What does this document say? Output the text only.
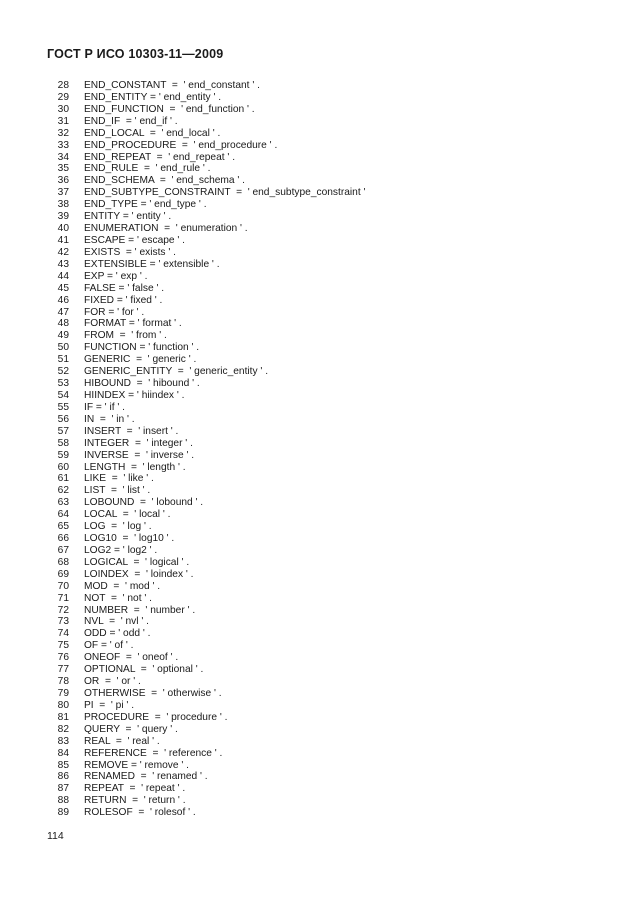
ГОСТ Р ИСО 10303-11—2009
28	END_CONSTANT  =  ' end_constant ' .
29	END_ENTITY = ' end_entity ' .
30	END_FUNCTION  =  ' end_function ' .
31	END_IF  = ' end_if ' .
32	END_LOCAL  =  ' end_local ' .
33	END_PROCEDURE  =  ' end_procedure ' .
34	END_REPEAT  =  ' end_repeat ' .
35	END_RULE  =  ' end_rule ' .
36	END_SCHEMA  =  ' end_schema ' .
37	END_SUBTYPE_CONSTRAINT  =  ' end_subtype_constraint '
38	END_TYPE = ' end_type ' .
39	ENTITY = ' entity ' .
40	ENUMERATION  =  ' enumeration ' .
41	ESCAPE = ' escape ' .
42	EXISTS  = ' exists ' .
43	EXTENSIBLE = ' extensible ' .
44	EXP = ' exp ' .
45	FALSE = ' false ' .
46	FIXED = ' fixed ' .
47	FOR = ' for ' .
48	FORMAT = ' format ' .
49	FROM  =  ' from ' .
50	FUNCTION = ' function ' .
51	GENERIC  =  ' generic ' .
52	GENERIC_ENTITY  =  ' generic_entity ' .
53	HIBOUND  =  ' hibound ' .
54	HIINDEX = ' hiindex ' .
55	IF = ' if ' .
56	IN  =  ' in ' .
57	INSERT  =  ' insert ' .
58	INTEGER  =  ' integer ' .
59	INVERSE  =  ' inverse ' .
60	LENGTH  =  ' length ' .
61	LIKE  =  ' like ' .
62	LIST  =  ' list ' .
63	LOBOUND  =  ' lobound ' .
64	LOCAL  =  ' local ' .
65	LOG  =  ' log ' .
66	LOG10  =  ' log10 ' .
67	LOG2 = ' log2 ' .
68	LOGICAL  =  ' logical ' .
69	LOINDEX  =  ' loindex ' .
70	MOD  =  ' mod ' .
71	NOT  =  ' not ' .
72	NUMBER  =  ' number ' .
73	NVL  =  ' nvl ' .
74	ODD = ' odd ' .
75	OF = ' of ' .
76	ONEOF  =  ' oneof ' .
77	OPTIONAL  =  ' optional ' .
78	OR  =  ' or ' .
79	OTHERWISE  =  ' otherwise ' .
80	PI  =  ' pi ' .
81	PROCEDURE  =  ' procedure ' .
82	QUERY  =  ' query ' .
83	REAL  =  ' real ' .
84	REFERENCE  =  ' reference ' .
85	REMOVE = ' remove ' .
86	RENAMED  =  ' renamed ' .
87	REPEAT  =  ' repeat ' .
88	RETURN  =  ' return ' .
89	ROLESOF  =  ' rolesof ' .
114
